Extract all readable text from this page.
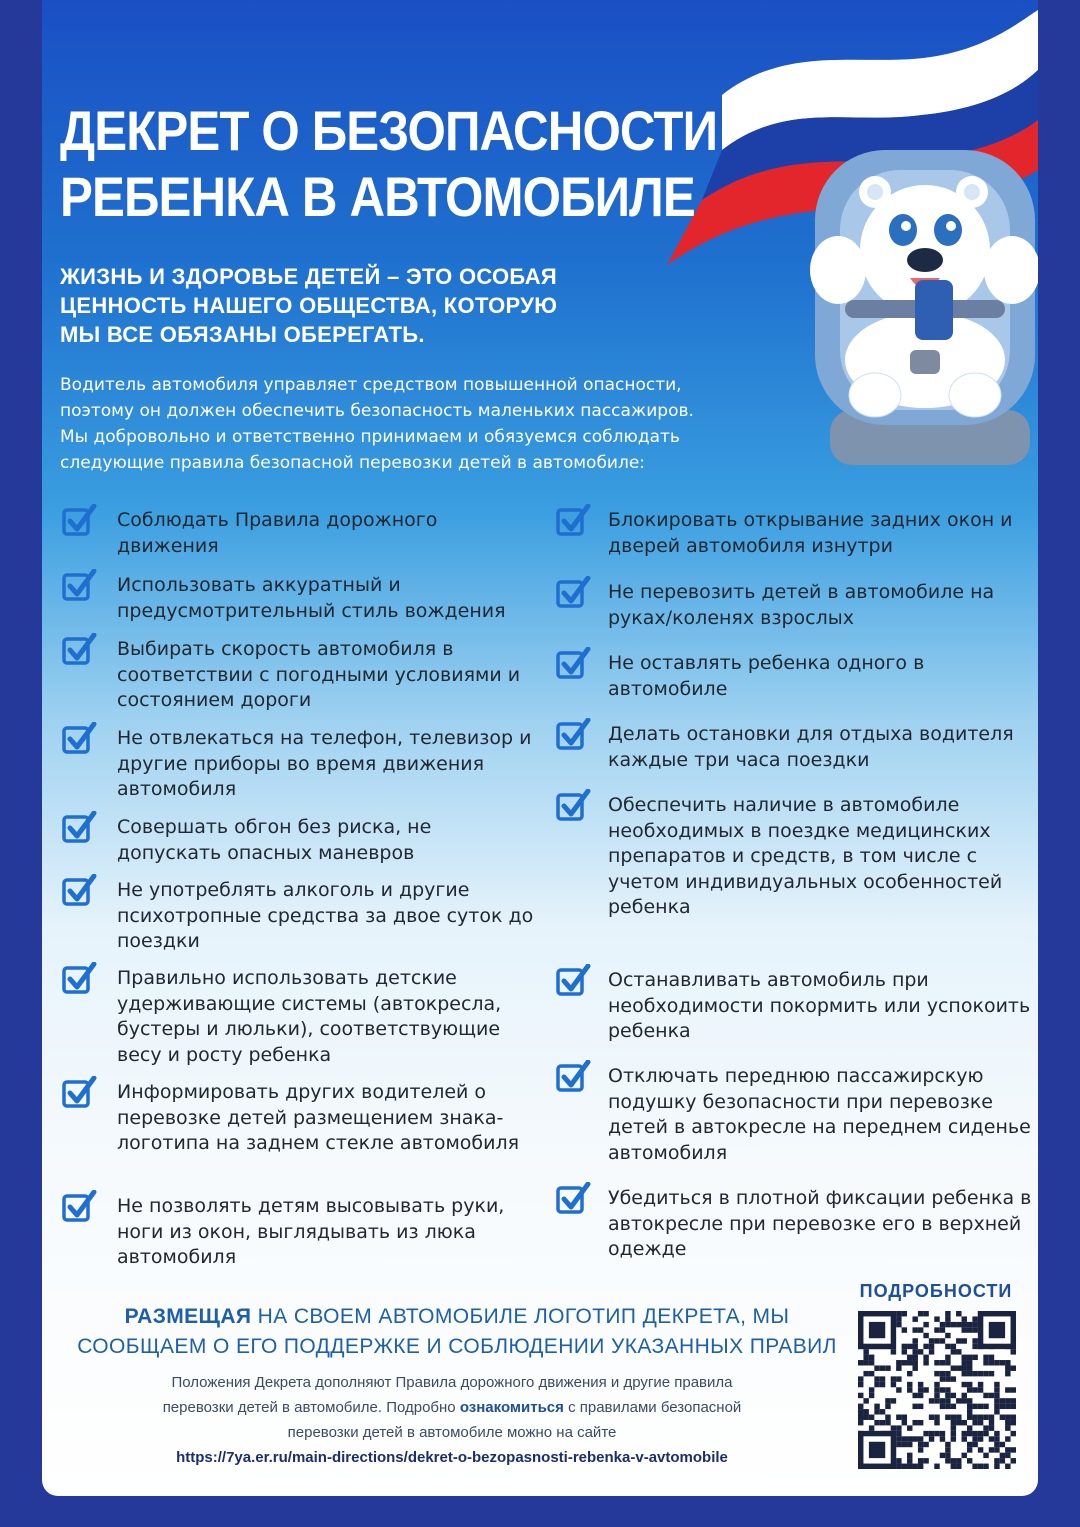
ДЕКРЕТ О БЕЗОПАСНОСТИ
РЕБЕНКА В АВТОМОБИЛЕ
ЖИЗНЬ И ЗДОРОВЬЕ ДЕТЕЙ – ЭТО ОСОБАЯ
ЦЕННОСТЬ НАШЕГО ОБЩЕСТВА, КОТОРУЮ
МЫ ВСЕ ОБЯЗАНЫ ОБЕРЕГАТЬ.
Водитель автомобиля управляет средством повышенной опасности,
поэтому он должен обеспечить безопасность маленьких пассажиров.
Мы добровольно и ответственно принимаем и обязуемся соблюдать
следующие правила безопасной перевозки детей в автомобиле:
Соблюдать Правила дорожного движения
Использовать аккуратный и предусмотрительный стиль вождения
Выбирать скорость автомобиля в соответствии с погодными условиями и состоянием дороги
Не отвлекаться на телефон, телевизор и другие приборы во время движения автомобиля
Совершать обгон без риска, не допускать опасных маневров
Не употреблять алкоголь и другие психотропные средства за двое суток до поездки
Правильно использовать детские удерживающие системы (автокресла, бустеры и люльки), соответствующие весу и росту ребенка
Информировать других водителей о перевозке детей размещением знака-логотипа на заднем стекле автомобиля
Не позволять детям высовывать руки, ноги из окон, выглядывать из люка автомобиля
Блокировать открывание задних окон и дверей автомобиля изнутри
Не перевозить детей в автомобиле на руках/коленях взрослых
Не оставлять ребенка одного в автомобиле
Делать остановки для отдыха водителя каждые три часа поездки
Обеспечить наличие в автомобиле необходимых в поездке медицинских препаратов и средств, в том числе с учетом индивидуальных особенностей ребенка
Останавливать автомобиль при необходимости покормить или успокоить ребенка
Отключать переднюю пассажирскую подушку безопасности при перевозке детей в автокресле на переднем сиденье автомобиля
Убедиться в плотной фиксации ребенка в автокресле при перевозке его в верхней одежде
РАЗМЕЩАЯ НА СВОЕМ АВТОМОБИЛЕ ЛОГОТИП ДЕКРЕТА, МЫ
СООБЩАЕМ О ЕГО ПОДДЕРЖКЕ И СОБЛЮДЕНИИ УКАЗАННЫХ ПРАВИЛ
Положения Декрета дополняют Правила дорожного движения и другие правила
перевозки детей в автомобиле. Подробно ознакомиться с правилами безопасной
перевозки детей в автомобиле можно на сайте
https://7ya.er.ru/main-directions/dekret-o-bezopasnosti-rebenka-v-avtomobile
ПОДРОБНОСТИ
